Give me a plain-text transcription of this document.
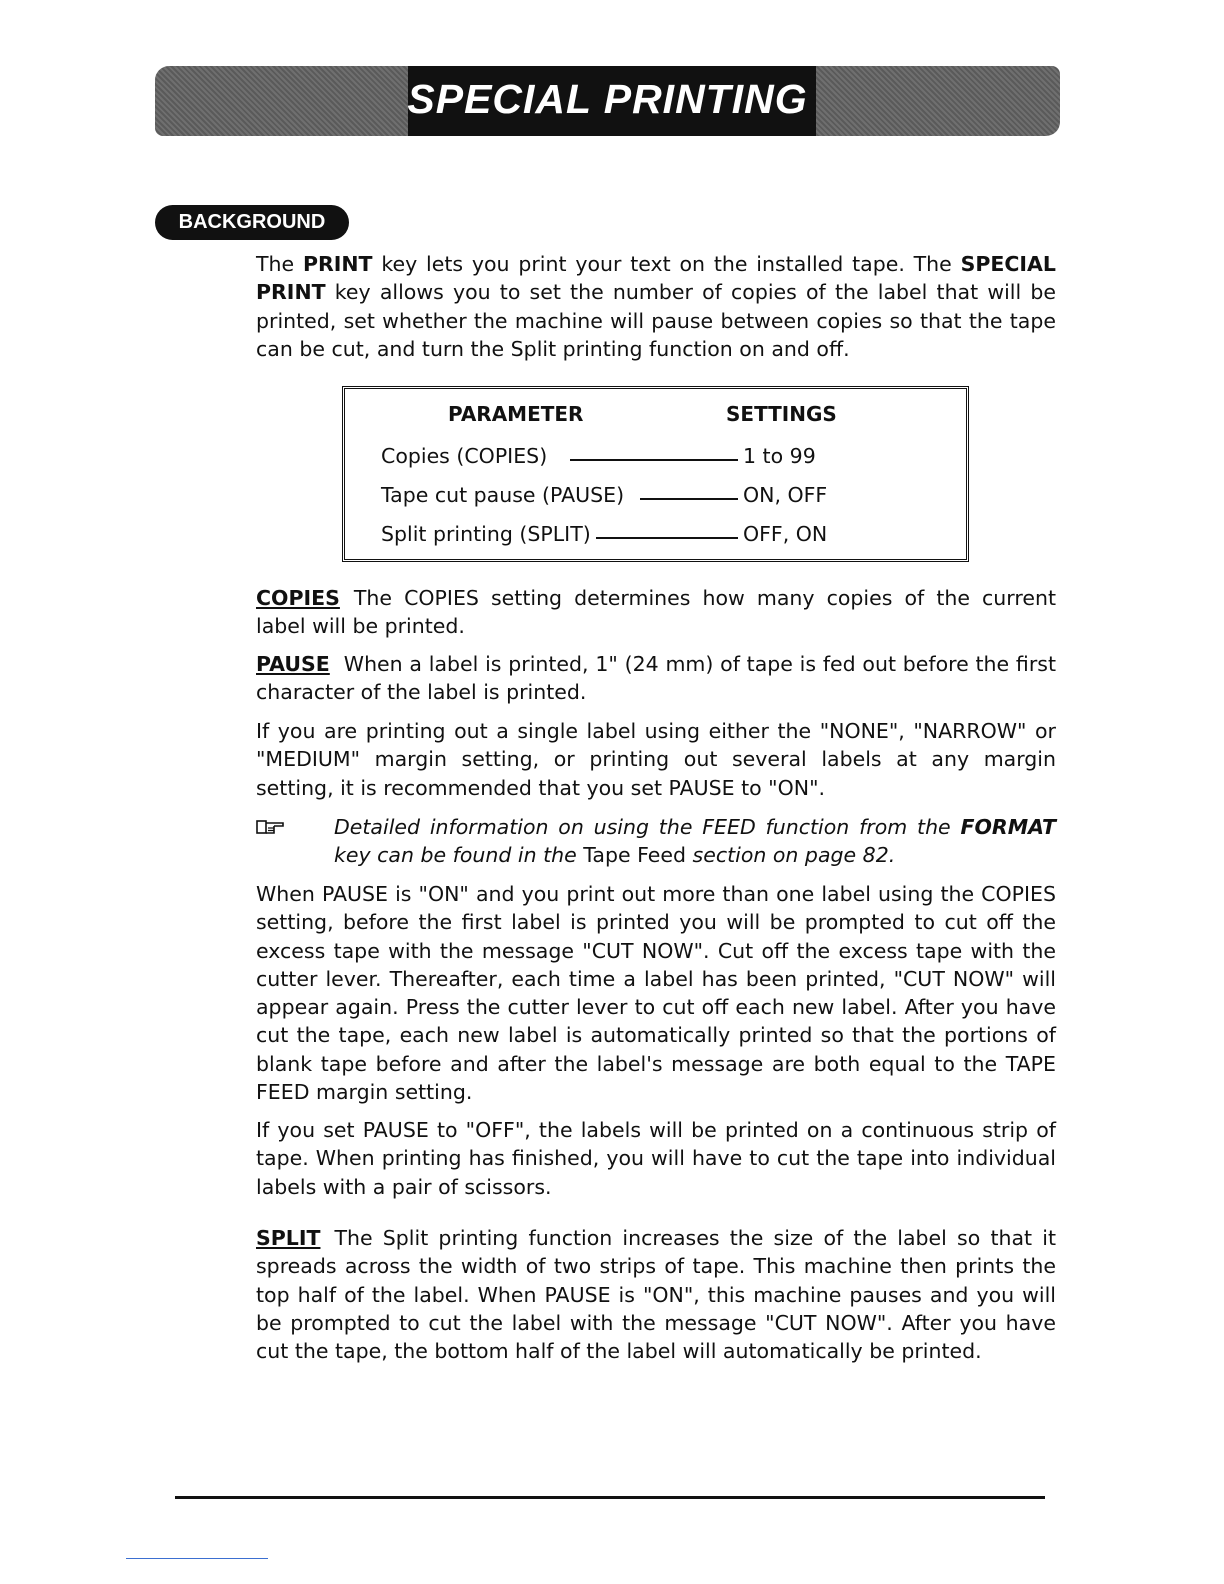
SPECIAL PRINTING
BACKGROUND
The PRINT key lets you print your text on the installed tape. The SPECIAL PRINT key allows you to set the number of copies of the label that will be printed, set whether the machine will pause between copies so that the tape can be cut, and turn the Split printing function on and off.
PARAMETER	SETTINGS
Copies (COPIES)	1 to 99
Tape cut pause (PAUSE)	ON, OFF
Split printing (SPLIT)	OFF, ON
COPIES The COPIES setting determines how many copies of the current label will be printed.
PAUSE When a label is printed, 1" (24 mm) of tape is fed out before the first character of the label is printed.
If you are printing out a single label using either the "NONE", "NARROW" or "MEDIUM" margin setting, or printing out several labels at any margin setting, it is recommended that you set PAUSE to "ON".
Detailed information on using the FEED function from the FORMAT key can be found in the Tape Feed section on page 82.
When PAUSE is "ON" and you print out more than one label using the COPIES setting, before the first label is printed you will be prompted to cut off the excess tape with the message "CUT NOW". Cut off the excess tape with the cutter lever. Thereafter, each time a label has been printed, "CUT NOW" will appear again. Press the cutter lever to cut off each new label. After you have cut the tape, each new label is automatically printed so that the portions of blank tape before and after the label's message are both equal to the TAPE FEED margin setting.
If you set PAUSE to "OFF", the labels will be printed on a continuous strip of tape. When printing has finished, you will have to cut the tape into individual labels with a pair of scissors.
SPLIT The Split printing function increases the size of the label so that it spreads across the width of two strips of tape. This machine then prints the top half of the label. When PAUSE is "ON", this machine pauses and you will be prompted to cut the label with the message "CUT NOW". After you have cut the tape, the bottom half of the label will automatically be printed.
